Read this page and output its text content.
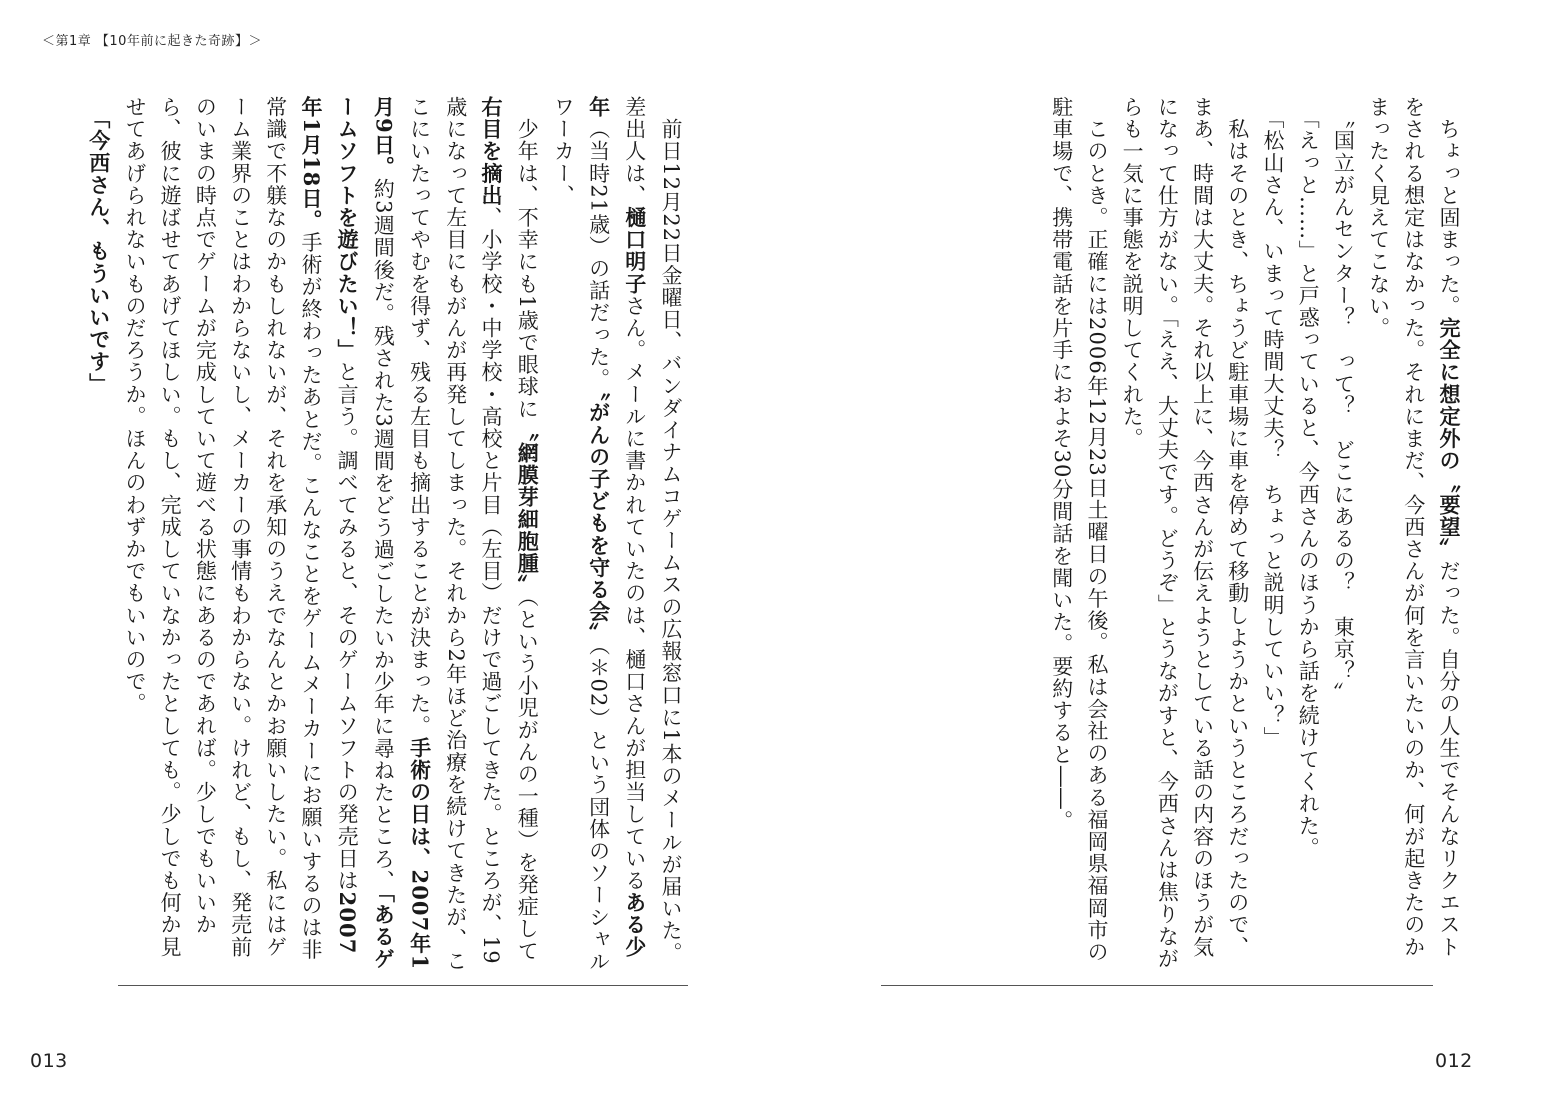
＜第1章 【10年前に起きた奇跡】＞

　前日12月22日金曜日、バンダイナムコゲームスの広報窓口に1本のメールが届いた。差出人は、樋口明子さん。メールに書かれていたのは、樋口さんが担当しているある少年（当時21歳）の話だった。〝がんの子どもを守る会〟（＊02）という団体のソーシャルワーカー、

　少年は、不幸にも1歳で眼球に〝網膜芽細胞腫〟（という小児がんの一種）を発症して右目を摘出、小学校・中学校・高校と片目（左目）だけで過ごしてきた。ところが、19歳になって左目にもがんが再発してしまった。それから2年ほど治療を続けてきたが、ここにいたってやむを得ず、残る左目も摘出することが決まった。手術の日は、2007年1月9日。約3週間後だ。残された3週間をどう過ごしたいか少年に尋ねたところ、「あるゲームソフトを遊びたい！」と言う。調べてみると、そのゲームソフトの発売日は2007年1月18日。手術が終わったあとだ。こんなことをゲームメーカーにお願いするのは非常識で不躾なのかもしれないが、それを承知のうえでなんとかお願いしたい。私にはゲーム業界のことはわからないし、メーカーの事情もわからない。けれど、もし、発売前のいまの時点でゲームが完成していて遊べる状態にあるのであれば。少しでもいいから、彼に遊ばせてあげてほしい。もし、完成していなかったとしても。少しでも何か見せてあげられないものだろうか。ほんのわずかでもいいので。

　「今西さん、もういいです」

013

　ちょっと固まった。完全に想定外の〝要望〟だった。自分の人生でそんなリクエストをされる想定はなかった。それにまだ、今西さんが何を言いたいのか、何が起きたのかまったく見えてこない。

　〝国立がんセンター？　って？　どこにあるの？　東京？〟

　「えっと……」と戸惑っていると、今西さんのほうから話を続けてくれた。

　「松山さん、いまって時間大丈夫？　ちょっと説明していい？」

　私はそのとき、ちょうど駐車場に車を停めて移動しようかというところだったので、まあ、時間は大丈夫。それ以上に、今西さんが伝えようとしている話の内容のほうが気になって仕方がない。「ええ、大丈夫です。どうぞ」とうながすと、今西さんは焦りながらも一気に事態を説明してくれた。

　このとき。正確には2006年12月23日土曜日の午後。私は会社のある福岡県福岡市の駐車場で、携帯電話を片手におよそ30分間話を聞いた。要約すると――。

012
